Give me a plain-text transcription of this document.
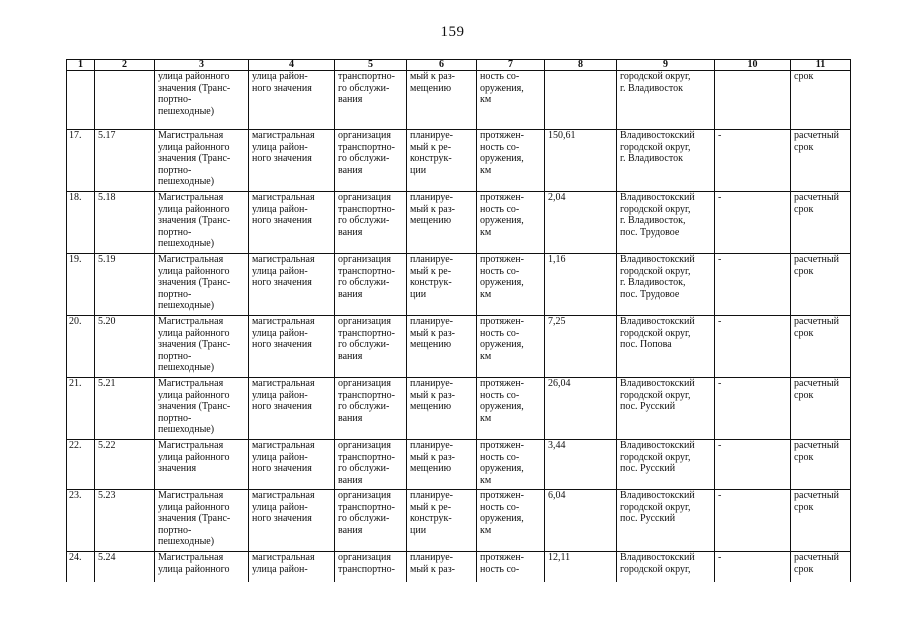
159
1	2	3	4	5	6	7	8	9	10	11

		улица районного
значения (Транс-
портно-
пешеходные)	улица район-
ного значения	транспортно-
го обслужи-
вания	мый к раз-
мещению	ность со-
оружения,
км		городской округ,
г. Владивосток		срок

17.	5.17	Магистральная
улица районного
значения (Транс-
портно-
пешеходные)	магистральная
улица район-
ного значения	организация
транспортно-
го обслужи-
вания	планируе-
мый к ре-
конструк-
ции	протяжен-
ность со-
оружения,
км	150,61	Владивостокский
городской округ,
г. Владивосток	-	расчетный
срок

18.	5.18	Магистральная
улица районного
значения (Транс-
портно-
пешеходные)	магистральная
улица район-
ного значения	организация
транспортно-
го обслужи-
вания	планируе-
мый к раз-
мещению	протяжен-
ность со-
оружения,
км	2,04	Владивостокский
городской округ,
г. Владивосток,
пос. Трудовое	-	расчетный
срок

19.	5.19	Магистральная
улица районного
значения (Транс-
портно-
пешеходные)	магистральная
улица район-
ного значения	организация
транспортно-
го обслужи-
вания	планируе-
мый к ре-
конструк-
ции	протяжен-
ность со-
оружения,
км	1,16	Владивостокский
городской округ,
г. Владивосток,
пос. Трудовое	-	расчетный
срок

20.	5.20	Магистральная
улица районного
значения (Транс-
портно-
пешеходные)	магистральная
улица район-
ного значения	организация
транспортно-
го обслужи-
вания	планируе-
мый к раз-
мещению	протяжен-
ность со-
оружения,
км	7,25	Владивостокский
городской округ,
пос. Попова	-	расчетный
срок

21.	5.21	Магистральная
улица районного
значения (Транс-
портно-
пешеходные)	магистральная
улица район-
ного значения	организация
транспортно-
го обслужи-
вания	планируе-
мый к раз-
мещению	протяжен-
ность со-
оружения,
км	26,04	Владивостокский
городской округ,
пос. Русский	-	расчетный
срок

22.	5.22	Магистральная
улица районного
значения	магистральная
улица район-
ного значения	организация
транспортно-
го обслужи-
вания	планируе-
мый к раз-
мещению	протяжен-
ность со-
оружения,
км	3,44	Владивостокский
городской округ,
пос. Русский	-	расчетный
срок

23.	5.23	Магистральная
улица районного
значения (Транс-
портно-
пешеходные)	магистральная
улица район-
ного значения	организация
транспортно-
го обслужи-
вания	планируе-
мый к ре-
конструк-
ции	протяжен-
ность со-
оружения,
км	6,04	Владивостокский
городской округ,
пос. Русский	-	расчетный
срок

24.	5.24	Магистральная
улица районного	магистральная
улица район-	организация
транспортно-	планируе-
мый к раз-	протяжен-
ность со-	12,11	Владивостокский
городской округ,	-	расчетный
срок
